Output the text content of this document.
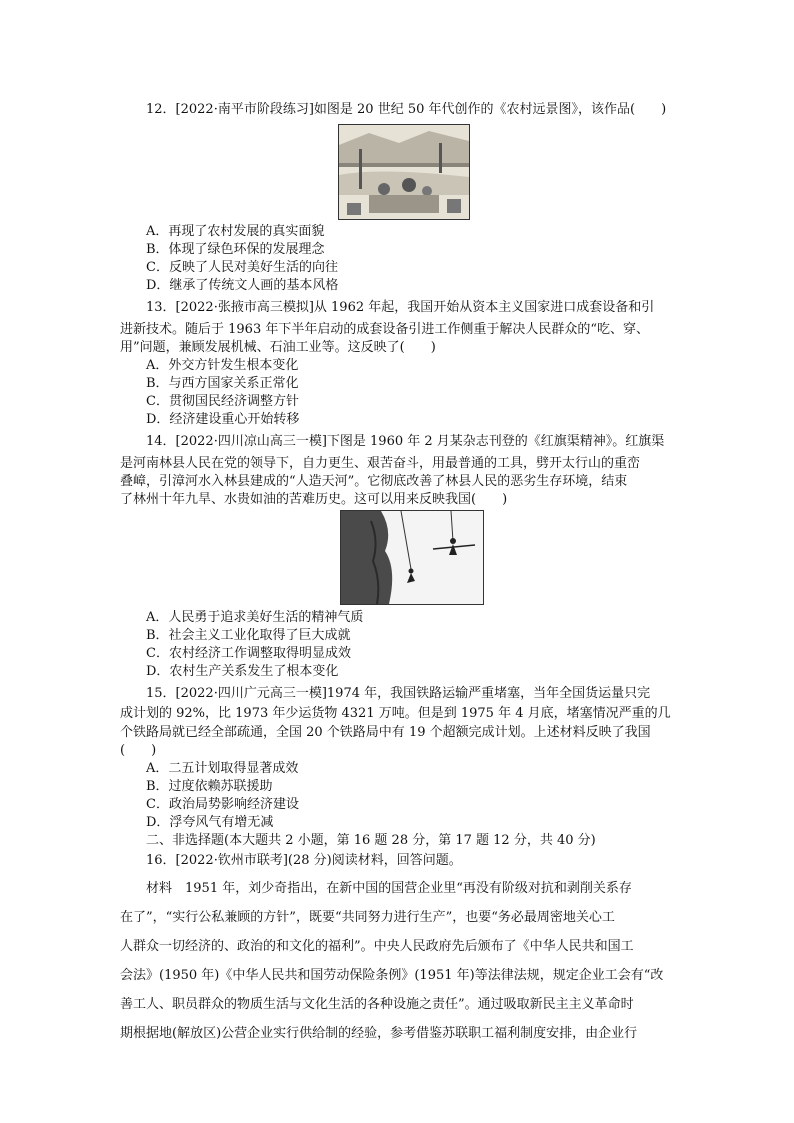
12．[2022·南平市阶段练习]如图是 20 世纪 50 年代创作的《农村远景图》，该作品(　　)
A．再现了农村发展的真实面貌
B．体现了绿色环保的发展理念
C．反映了人民对美好生活的向往
D．继承了传统文人画的基本风格
13．[2022·张掖市高三模拟]从 1962 年起，我国开始从资本主义国家进口成套设备和引
进新技术。随后于 1963 年下半年启动的成套设备引进工作侧重于解决人民群众的“吃、穿、
用”问题，兼顾发展机械、石油工业等。这反映了(　　)
A．外交方针发生根本变化
B．与西方国家关系正常化
C．贯彻国民经济调整方针
D．经济建设重心开始转移
14．[2022·四川凉山高三一模]下图是 1960 年 2 月某杂志刊登的《红旗渠精神》。红旗渠
是河南林县人民在党的领导下，自力更生、艰苦奋斗，用最普通的工具，劈开太行山的重峦
叠嶂，引漳河水入林县建成的“人造天河”。它彻底改善了林县人民的恶劣生存环境，结束
了林州十年九旱、水贵如油的苦难历史。这可以用来反映我国(　　)
A．人民勇于追求美好生活的精神气质
B．社会主义工业化取得了巨大成就
C．农村经济工作调整取得明显成效
D．农村生产关系发生了根本变化
15．[2022·四川广元高三一模]1974 年，我国铁路运输严重堵塞，当年全国货运量只完
成计划的 92%，比 1973 年少运货物 4321 万吨。但是到 1975 年 4 月底，堵塞情况严重的几
个铁路局就已经全部疏通，全国 20 个铁路局中有 19 个超额完成计划。上述材料反映了我国
(　　)
A．二五计划取得显著成效
B．过度依赖苏联援助
C．政治局势影响经济建设
D．浮夸风气有增无减
二、非选择题(本大题共 2 小题，第 16 题 28 分，第 17 题 12 分，共 40 分)
16．[2022·钦州市联考](28 分)阅读材料，回答问题。
材料　1951 年，刘少奇指出，在新中国的国营企业里“再没有阶级对抗和剥削关系存
在了”，“实行公私兼顾的方针”，既要“共同努力进行生产”，也要“务必最周密地关心工
人群众一切经济的、政治的和文化的福利”。中央人民政府先后颁布了《中华人民共和国工
会法》(1950 年)《中华人民共和国劳动保险条例》(1951 年)等法律法规，规定企业工会有“改
善工人、职员群众的物质生活与文化生活的各种设施之责任”。通过吸取新民主主义革命时
期根据地(解放区)公营企业实行供给制的经验，参考借鉴苏联职工福利制度安排，由企业行
